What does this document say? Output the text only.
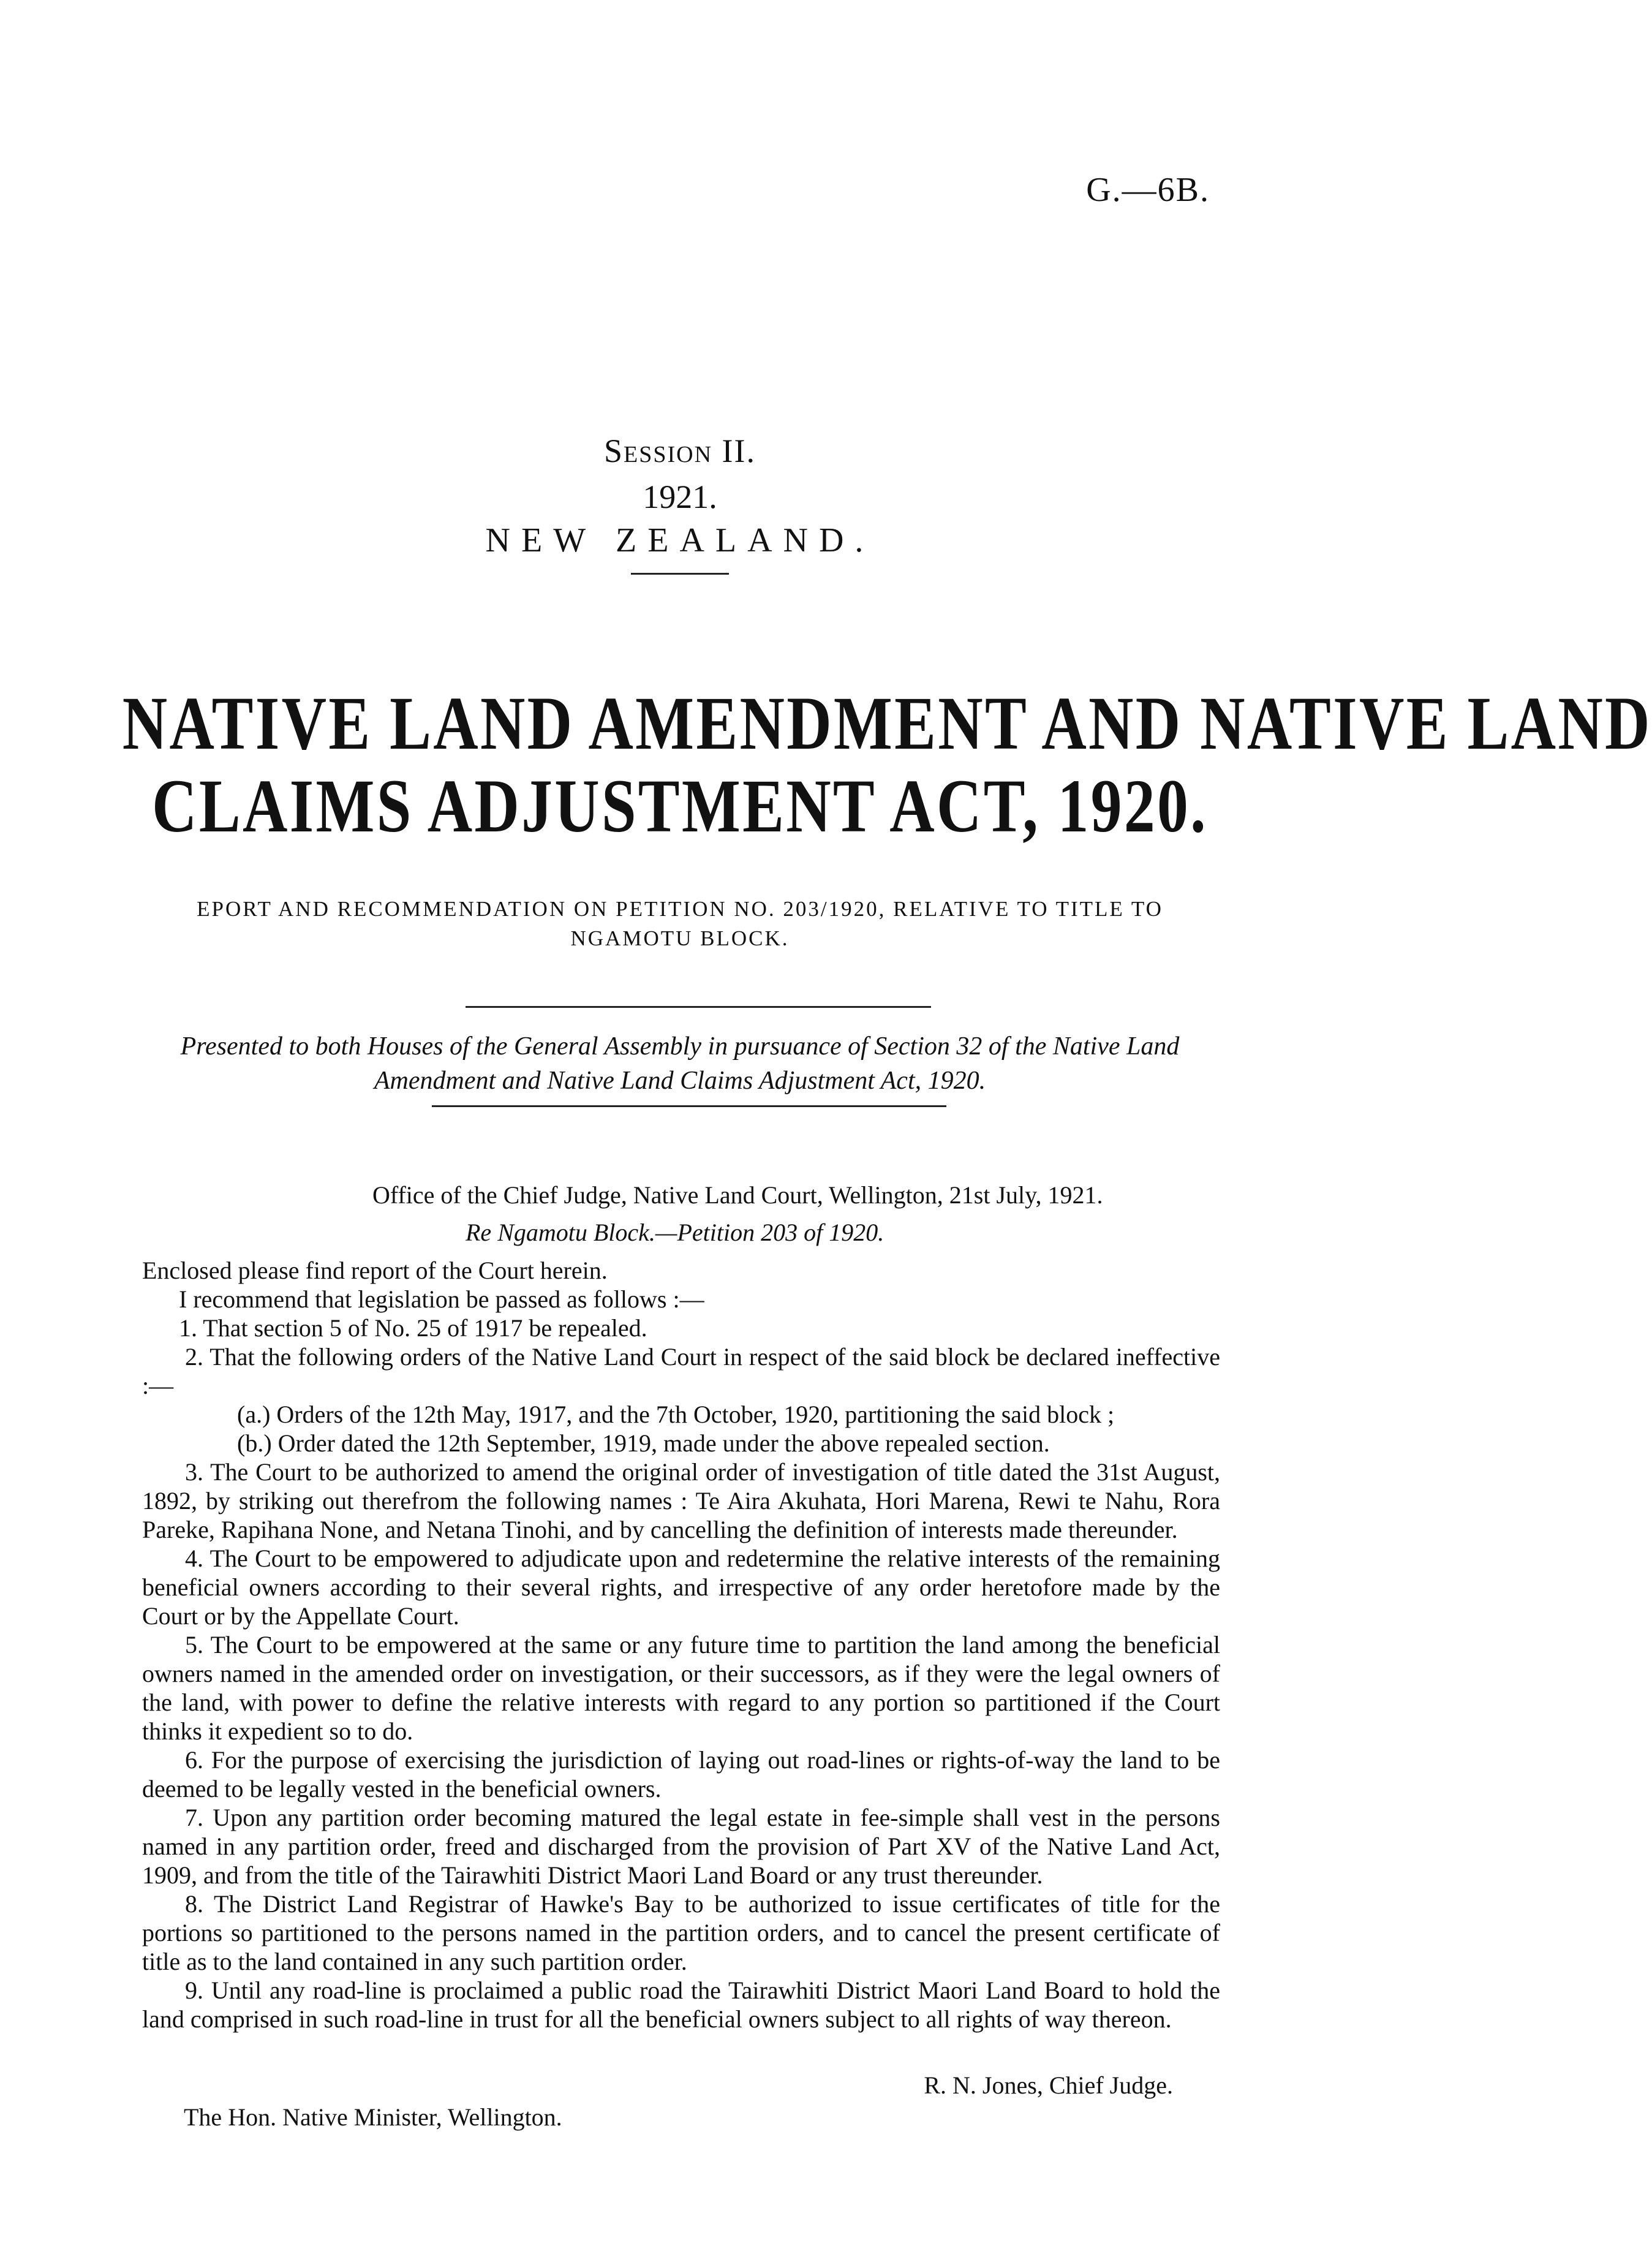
G.—6B.
Session II.
1921.
NEW ZEALAND.
NATIVE LAND AMENDMENT AND NATIVE LAND
CLAIMS ADJUSTMENT ACT, 1920.
EPORT AND RECOMMENDATION ON PETITION NO. 203/1920, RELATIVE TO TITLE TO NGAMOTU BLOCK.
Presented to both Houses of the General Assembly in pursuance of Section 32 of the Native Land Amendment and Native Land Claims Adjustment Act, 1920.
Office of the Chief Judge, Native Land Court, Wellington, 21st July, 1921.
Re Ngamotu Block.—Petition 203 of 1920.

Enclosed please find report of the Court herein.

I recommend that legislation be passed as follows :—

1. That section 5 of No. 25 of 1917 be repealed.

2. That the following orders of the Native Land Court in respect of the said block be declared ineffective :—

(a.) Orders of the 12th May, 1917, and the 7th October, 1920, partitioning the said block ;

(b.) Order dated the 12th September, 1919, made under the above repealed section.

3. The Court to be authorized to amend the original order of investigation of title dated the 31st August, 1892, by striking out therefrom the following names : Te Aira Akuhata, Hori Marena, Rewi te Nahu, Rora Pareke, Rapihana None, and Netana Tinohi, and by cancelling the definition of interests made thereunder.

4. The Court to be empowered to adjudicate upon and redetermine the relative interests of the remaining beneficial owners according to their several rights, and irrespective of any order heretofore made by the Court or by the Appellate Court.

5. The Court to be empowered at the same or any future time to partition the land among the beneficial owners named in the amended order on investigation, or their successors, as if they were the legal owners of the land, with power to define the relative interests with regard to any portion so partitioned if the Court thinks it expedient so to do.

6. For the purpose of exercising the jurisdiction of laying out road-lines or rights-of-way the land to be deemed to be legally vested in the beneficial owners.

7. Upon any partition order becoming matured the legal estate in fee-simple shall vest in the persons named in any partition order, freed and discharged from the provision of Part XV of the Native Land Act, 1909, and from the title of the Tairawhiti District Maori Land Board or any trust thereunder.

8. The District Land Registrar of Hawke's Bay to be authorized to issue certificates of title for the portions so partitioned to the persons named in the partition orders, and to cancel the present certificate of title as to the land contained in any such partition order.

9. Until any road-line is proclaimed a public road the Tairawhiti District Maori Land Board to hold the land comprised in such road-line in trust for all the beneficial owners subject to all rights of way thereon.

R. N. Jones, Chief Judge.
The Hon. Native Minister, Wellington.
